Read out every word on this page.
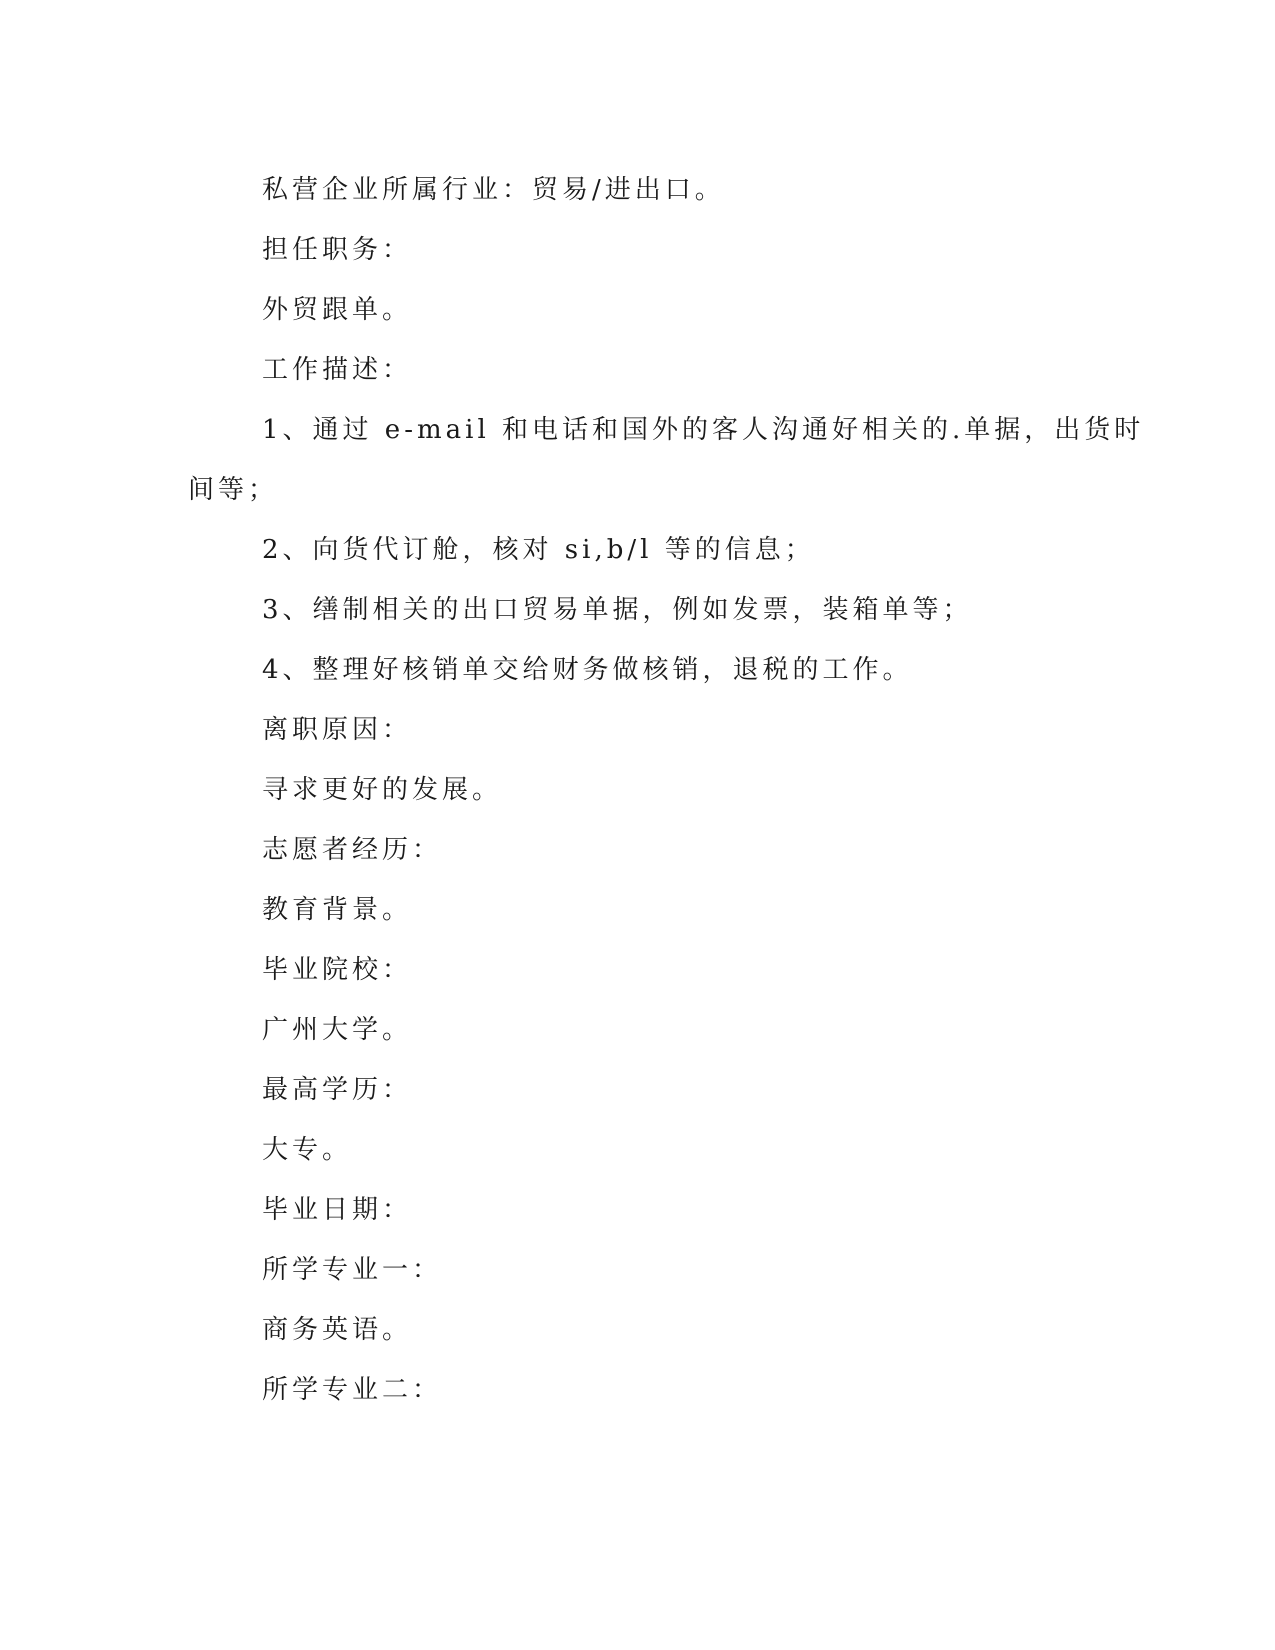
私营企业所属行业：贸易/进出口。

担任职务：

外贸跟单。

工作描述：

1、通过 e-mail 和电话和国外的客人沟通好相关的.单据，出货时

间等；

2、向货代订舱，核对 si,b/l 等的信息；

3、缮制相关的出口贸易单据，例如发票，装箱单等；

4、整理好核销单交给财务做核销，退税的工作。

离职原因：

寻求更好的发展。

志愿者经历：

教育背景。

毕业院校：

广州大学。

最高学历：

大专。

毕业日期：

所学专业一：

商务英语。

所学专业二：
